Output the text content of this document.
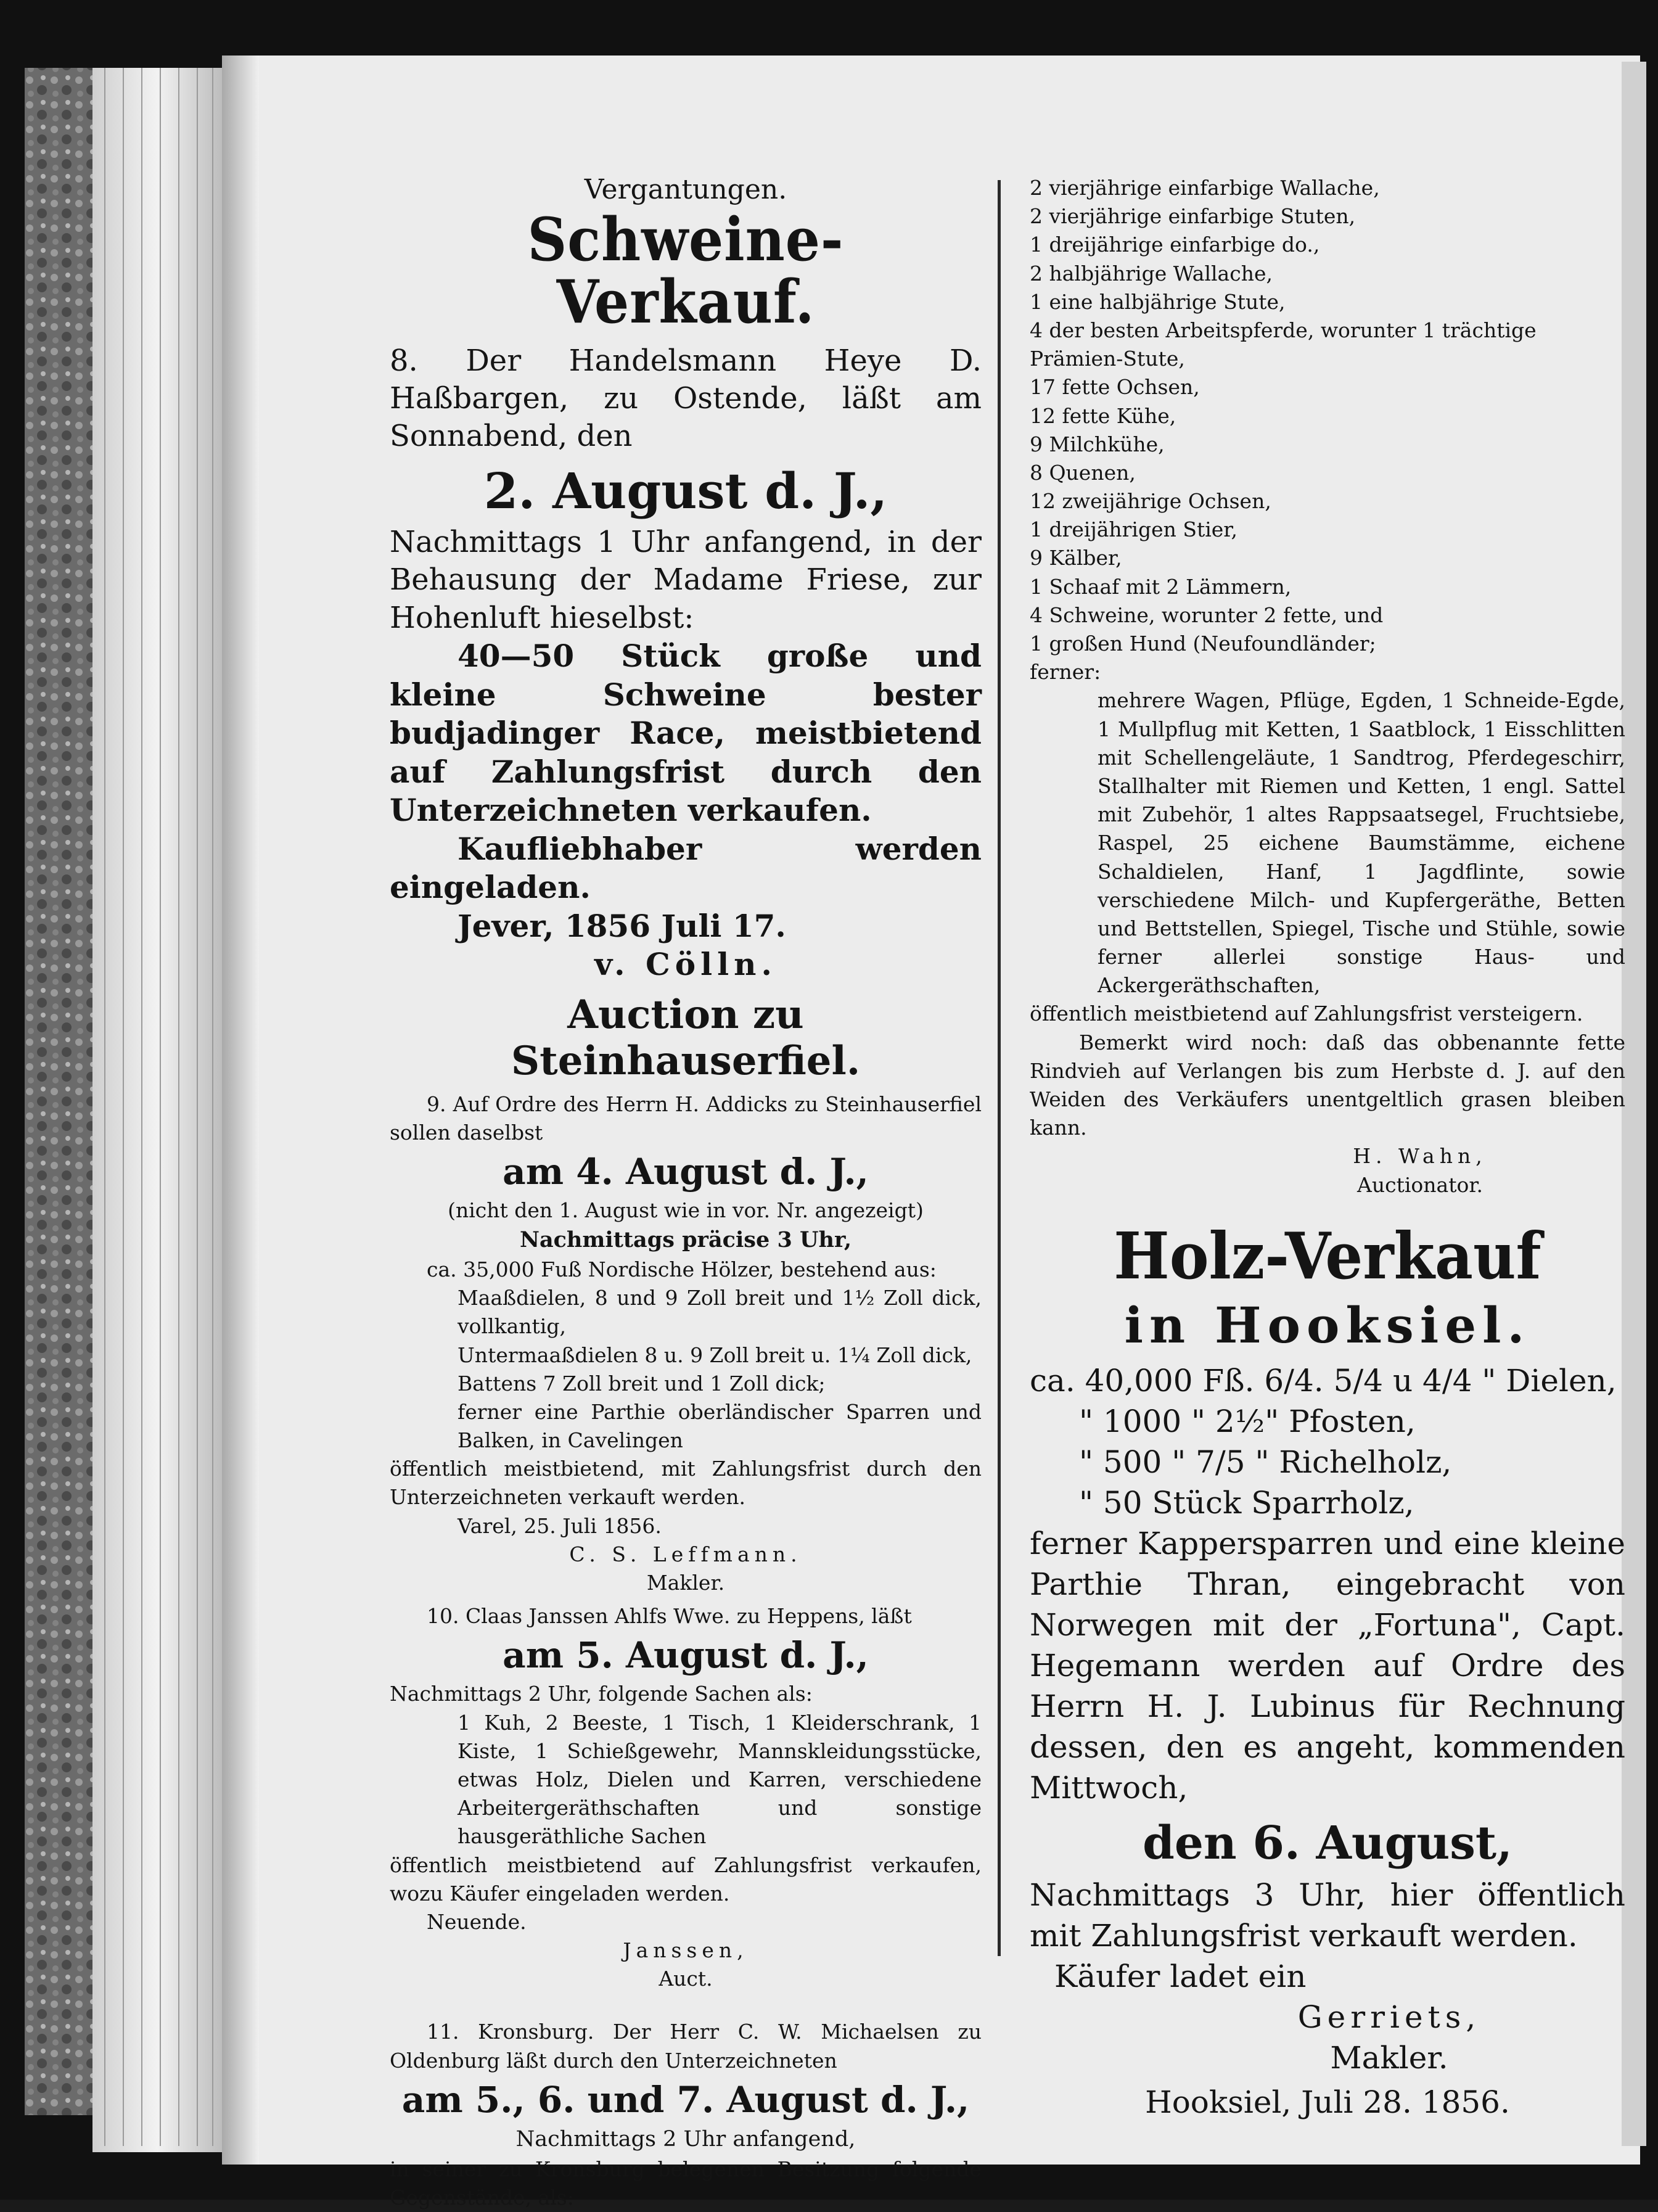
Vergantungen.
Schweine-Verkauf.

8. Der Handelsmann Heye D. Haßbargen, zu Ostende, läßt am Sonnabend, den

2. August d. J.,

Nachmittags 1 Uhr anfangend, in der Behausung der Madame Friese, zur Hohenluft hieselbst:

40—50 Stück große und kleine Schweine bester budjadinger Race, meistbietend auf Zahlungsfrist durch den Unterzeichneten verkaufen.

Kaufliebhaber werden eingeladen.

Jever, 1856 Juli 17.

v. Cölln.

Auction zu Steinhauserfiel.

9. Auf Ordre des Herrn H. Addicks zu Steinhauserfiel sollen daselbst

am 4. August d. J.,

(nicht den 1. August wie in vor. Nr. angezeigt)

Nachmittags präcise 3 Uhr,

ca. 35,000 Fuß Nordische Hölzer, bestehend aus:

Maaßdielen, 8 und 9 Zoll breit und 1½ Zoll dick, vollkantig,

Untermaaßdielen 8 u. 9 Zoll breit u. 1¼ Zoll dick,

Battens 7 Zoll breit und 1 Zoll dick;

ferner eine Parthie oberländischer Sparren und Balken, in Cavelingen

öffentlich meistbietend, mit Zahlungsfrist durch den Unterzeichneten verkauft werden.

Varel, 25. Juli 1856.

C. S. Leffmann.

Makler.

10. Claas Janssen Ahlfs Wwe. zu Heppens, läßt

am 5. August d. J.,

Nachmittags 2 Uhr, folgende Sachen als:

1 Kuh, 2 Beeste, 1 Tisch, 1 Kleiderschrank, 1 Kiste, 1 Schießgewehr, Mannskleidungsstücke, etwas Holz, Dielen und Karren, verschiedene Arbeitergeräthschaften und sonstige hausgeräthliche Sachen

öffentlich meistbietend auf Zahlungsfrist verkaufen, wozu Käufer eingeladen werden.

Neuende.

Janssen,

Auct.

11. Kronsburg. Der Herr C. W. Michaelsen zu Oldenburg läßt durch den Unterzeichneten

am 5., 6. und 7. August d. J.,

Nachmittags 2 Uhr anfangend,

in seiner zu Kronsburg belegenen Besitzung folgende Gegenstände, als:

2 vierjährige einfarbige Wallache,
2 vierjährige einfarbige Stuten,
1 dreijährige einfarbige do.,
2 halbjährige Wallache,
1 eine halbjährige Stute,
4 der besten Arbeitspferde, worunter 1 trächtige Prämien-Stute,
17 fette Ochsen,
12 fette Kühe,
9 Milchkühe,
8 Quenen,
12 zweijährige Ochsen,
1 dreijährigen Stier,
9 Kälber,
1 Schaaf mit 2 Lämmern,
4 Schweine, worunter 2 fette, und
1 großen Hund (Neufoundländer;

ferner:

mehrere Wagen, Pflüge, Egden, 1 Schneide-Egde, 1 Mullpflug mit Ketten, 1 Saatblock, 1 Eisschlitten mit Schellengeläute, 1 Sandtrog, Pferdegeschirr, Stallhalter mit Riemen und Ketten, 1 engl. Sattel mit Zubehör, 1 altes Rappsaatsegel, Fruchtsiebe, Raspel, 25 eichene Baumstämme, eichene Schaldielen, Hanf, 1 Jagdflinte, sowie verschiedene Milch- und Kupfergeräthe, Betten und Bettstellen, Spiegel, Tische und Stühle, sowie ferner allerlei sonstige Haus- und Ackergeräthschaften,

öffentlich meistbietend auf Zahlungsfrist versteigern.

Bemerkt wird noch: daß das obbenannte fette Rindvieh auf Verlangen bis zum Herbste d. J. auf den Weiden des Verkäufers unentgeltlich grasen bleiben kann.

H. Wahn,

Auctionator.

Holz-Verkauf
in Hooksiel.

ca. 40,000 Fß. 6/4. 5/4 u 4/4 " Dielen,

" 1000 " 2½" Pfosten,

" 500 " 7/5 " Richelholz,

" 50 Stück Sparrholz,

ferner Kappersparren und eine kleine Parthie Thran, eingebracht von Norwegen mit der „Fortuna", Capt. Hegemann werden auf Ordre des Herrn H. J. Lubinus für Rechnung dessen, den es angeht, kommenden Mittwoch,

den 6. August,

Nachmittags 3 Uhr, hier öffentlich mit Zahlungsfrist verkauft werden.

Käufer ladet ein

Gerriets,

Makler.

Hooksiel, Juli 28. 1856.
